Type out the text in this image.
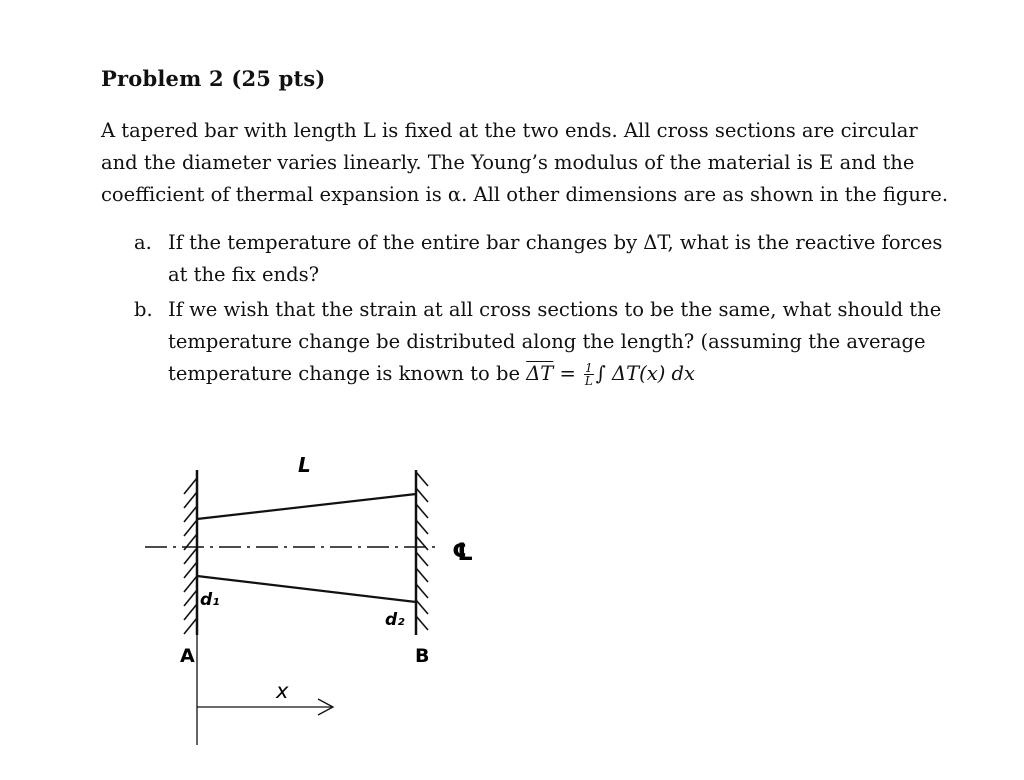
Problem 2 (25 pts)

A tapered bar with length L is fixed at the two ends. All cross sections are circular

and the diameter varies linearly. The Young’s modulus of the material is E and the

coefficient of thermal expansion is α. All other dimensions are as shown in the figure.

a. If the temperature of the entire bar changes by ΔT, what is the reactive forces
at the fix ends?
b. If we wish that the strain at all cross sections to be the same, what should the
temperature change be distributed along the length? (assuming the average
temperature change is known to be $\overline{\Delta T} = \frac{1}{L}$ ∫ ΔT(x) dx
L
℄
d₁
d₂
A	B
x
